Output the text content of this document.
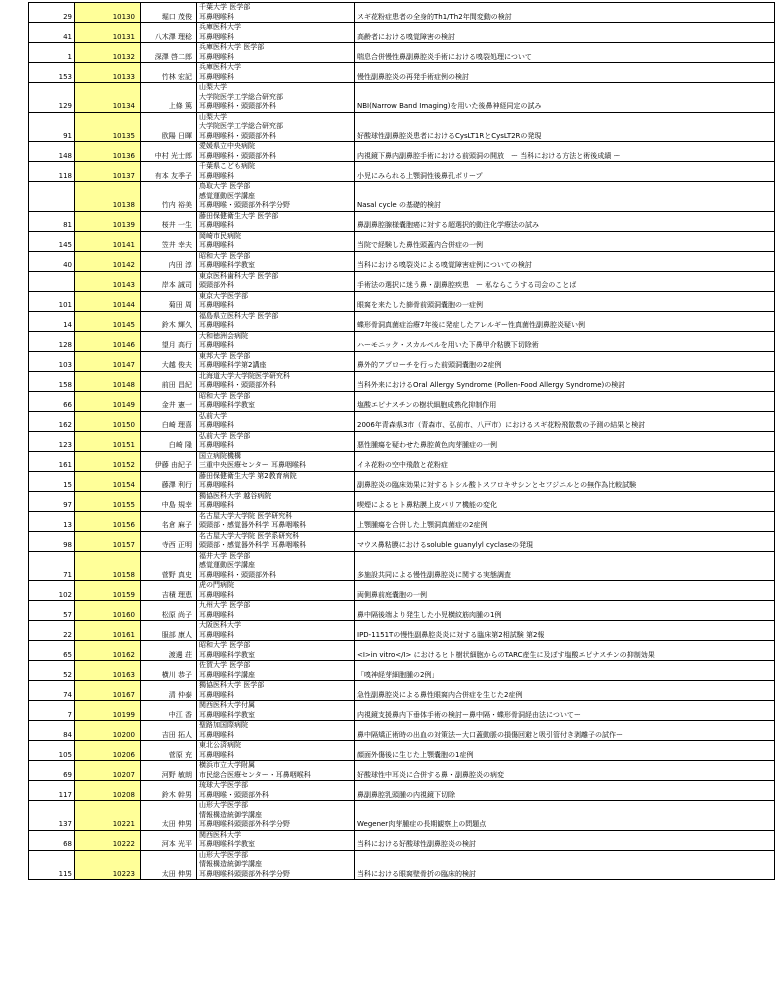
29	10130	堀口 茂俊	千葉大学 医学部
耳鼻咽喉科	スギ花粉症患者の全身的Th1/Th2年間変動の検討
41	10131	八木澤 理稔	兵庫医科大学
耳鼻咽喉科	高齢者における嗅覚障害の検討
1	10132	深澤 啓二郎	兵庫医科大学 医学部
耳鼻咽喉科	喘息合併慢性鼻副鼻腔炎手術における嗅裂処理について
153	10133	竹林 宏記	兵庫医科大学
耳鼻咽喉科	慢性副鼻腔炎の再発手術症例の検討
129	10134	上條 篤	山梨大学
大学院医学工学総合研究部
耳鼻咽喉科・頭頸部外科	NBI(Narrow Band Imaging)を用いた後鼻神経同定の試み
91	10135	欧陽 日暉	山梨大学
大学院医学工学総合研究部
耳鼻咽喉科・頭頸部外科	好酸球性副鼻腔炎患者におけるCysLT1RとCysLT2Rの発現
148	10136	中村 光士郎	愛媛県立中央病院
耳鼻咽喉科・頭頸部外科	内視鏡下鼻内副鼻腔手術における前頭洞の開放　ー 当科における方法と術後成績 ー
118	10137	有本 友季子	千葉県こども病院
耳鼻咽喉科	小児にみられる上顎洞性後鼻孔ポリープ
	10138	竹内 裕美	鳥取大学 医学部
感覚運動医学講座
耳鼻咽喉・頭頸部外科学分野	Nasal cycle の基礎的検討
81	10139	桜井 一生	藤田保健衛生大学 医学部
耳鼻咽喉科	鼻副鼻腔腺様嚢胞癌に対する超選択的動注化学療法の試み
145	10141	笠井 幸夫	岡崎市民病院
耳鼻咽喉科	当院で経験した鼻性頭蓋内合併症の一例
40	10142	内田 淳	昭和大学 医学部
耳鼻咽喉科学教室	当科における嗅裂炎による嗅覚障害症例についての検討
	10143	岸本 誠司	東京医科歯科大学 医学部
頭頸部外科	手術法の選択に迷う鼻・副鼻腔疾患　ー 私ならこうする司会のことば
101	10144	菊田 周	東京大学医学部
耳鼻咽喉科	眼窩を来たした篩骨前頭洞嚢胞の一症例
14	10145	鈴木 輝久	福島県立医科大学 医学部
耳鼻咽喉科	蝶形骨洞真菌症治療7年後に発症したアレルギー性真菌性副鼻腔炎疑い例
128	10146	望月 高行	大和徳洲会病院
耳鼻咽喉科	ハーモニック・スカルペルを用いた下鼻甲介粘膜下切除術
103	10147	大越 俊夫	東邦大学 医学部
耳鼻咽喉科学第2講座	鼻外的アプローチを行った前頭洞嚢胞の2症例
158	10148	前田 昌紀	北海道大学大学院医学研究科
耳鼻咽喉科・頭頸部外科	当科外来におけるOral Allergy Syndrome (Pollen-Food Allergy Syndrome)の検討
66	10149	金井 憲一	昭和大学 医学部
耳鼻咽喉科学教室	塩酸エピナスチンの樹状細胞成熟化抑制作用
162	10150	白崎 理喜	弘前大学
耳鼻咽喉科	2006年青森県3市（青森市、弘前市、八戸市）におけるスギ花粉飛散数の予測の結果と検討
123	10151	白崎 隆	弘前大学 医学部
耳鼻咽喉科	悪性腫瘍を疑わせた鼻腔黄色肉芽腫症の一例
161	10152	伊藤 由紀子	国立病院機構
三重中央医療センター 耳鼻咽喉科	イネ花粉の空中飛散と花粉症
15	10154	藤澤 利行	藤田保健衛生大学 第2教育病院
耳鼻咽喉科	副鼻腔炎の臨床効果に対するトシル酸トスフロキサシンとセフジニルとの無作為比較試験
97	10155	中島 規幸	獨協医科大学 越谷病院
耳鼻咽喉科	喫煙によるヒト鼻粘膜上皮バリア機能の変化
13	10156	名倉 麻子	名古屋大学大学院 医学研究科
頭頸部・感覚器外科学 耳鼻咽喉科	上顎腫瘍を合併した上顎洞真菌症の2症例
98	10157	寺西 正明	名古屋大学大学院 医学系研究科
頭頸部・感覚器外科学 耳鼻咽喉科	マウス鼻粘膜におけるsoluble guanylyl cyclaseの発現
71	10158	菅野 真史	福井大学 医学部
感覚運動医学講座
耳鼻咽喉科・頭頸部外科	多施設共同による慢性副鼻腔炎に関する実態調査
102	10159	吉積 理恵	虎の門病院
耳鼻咽喉科	両側鼻前庭嚢胞の一例
57	10160	松原 尚子	九州大学 医学部
耳鼻咽喉科	鼻中隔後端より発生した小児横紋筋肉腫の1例
22	10161	服部 康人	大阪医科大学
耳鼻咽喉科	IPD-1151Tの慢性副鼻腔炎炎に対する臨床第2相試験 第2報
65	10162	渡邊 荘	昭和大学 医学部
耳鼻咽喉科学教室	<I>in vitro</I> におけるヒト樹状細胞からのTARC産生に及ぼす塩酸エピナスチンの抑制効果
52	10163	横川 恭子	佐賀大学 医学部
耳鼻咽喉科学講座	「嗅神経芽細胞腫の2例」
74	10167	清 仲泰	獨協医科大学 医学部
耳鼻咽喉科	急性副鼻腔炎による鼻性眼窩内合併症を生じた2症例
7	10199	中江 香	関西医科大学付属
耳鼻咽喉科学教室	内視鏡支援鼻内下垂体手術の検討ー鼻中隔・蝶形骨洞経由法についてー
84	10200	吉田 拓人	聖路加国際病院
耳鼻咽喉科	鼻中隔矯正術時の出血の対策法ー大口蓋動脈の損傷回避と吸引管付き剥離子の試作ー
105	10206	菅原 充	東北公済病院
耳鼻咽喉科	顔面外傷後に生じた上顎嚢胞の1症例
69	10207	河野 敏朗	横浜市立大学附属
市民総合医療センター・耳鼻咽喉科	好酸球性中耳炎に合併する鼻・副鼻腔炎の病変
117	10208	鈴木 幹男	琉球大学医学部
耳鼻咽喉・頭頸部外科	鼻副鼻腔乳頭腫の内視鏡下切除
137	10221	太田 伸男	山形大学医学部
情報構造統御学講座
耳鼻咽喉科頭頸部外科学分野	Wegener肉芽腫症の長期観察上の問題点
68	10222	河本 光平	関西医科大学
耳鼻咽喉科学教室	当科における好酸球性副鼻腔炎の検討
115	10223	太田 伸男	山形大学医学部
情報構造統御学講座
耳鼻咽喉科頭頸部外科学分野	当科における眼窩壁骨折の臨床的検討
